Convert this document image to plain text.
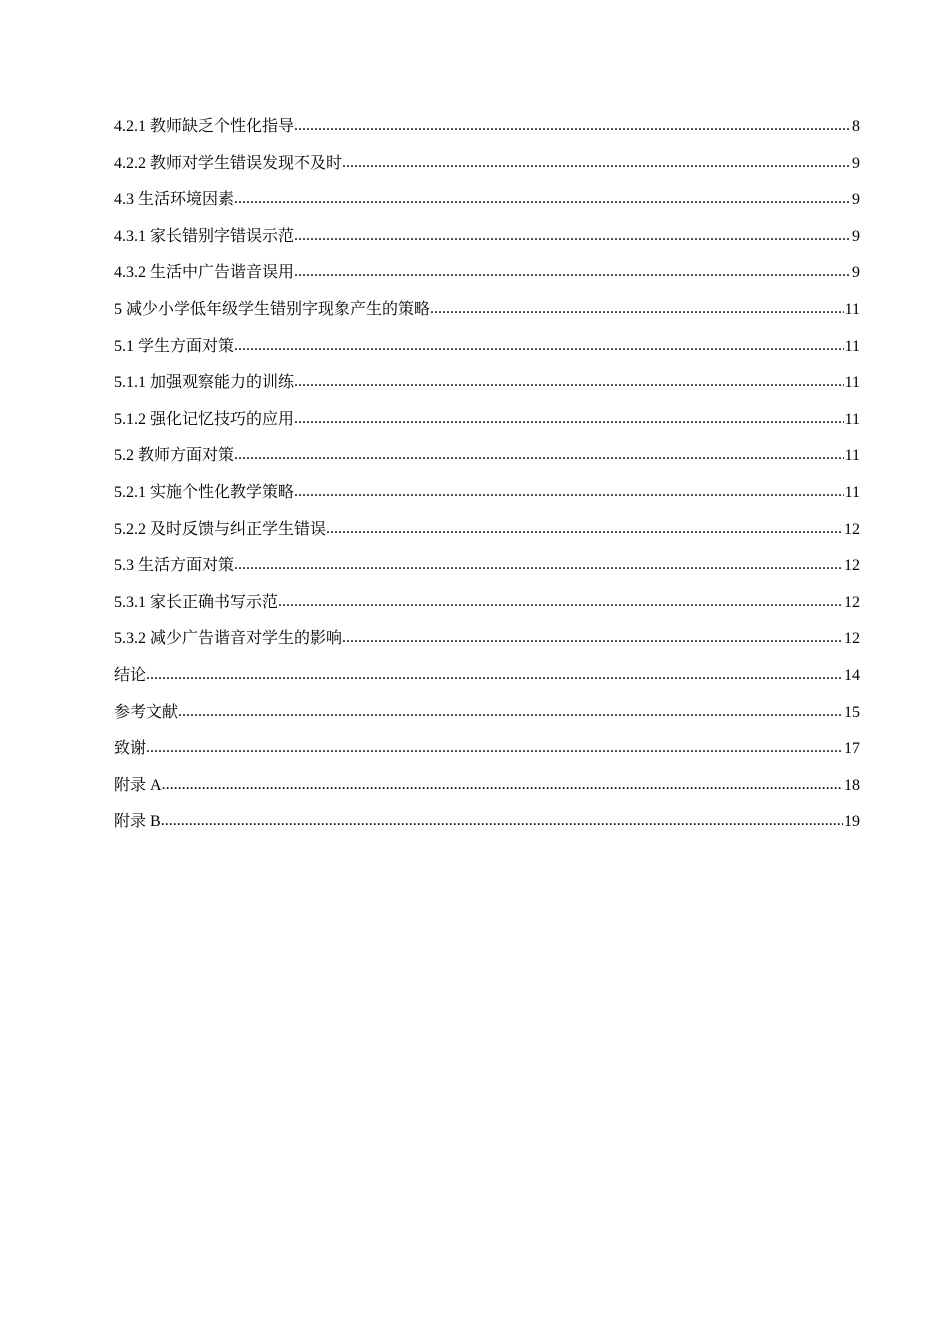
4.2.1 教师缺乏个性化指导 .....	8
4.2.2 教师对学生错误发现不及时 .....	9
4.3 生活环境因素 .....	9
4.3.1 家长错别字错误示范 .....	9
4.3.2 生活中广告谐音误用 .....	9
5 减少小学低年级学生错别字现象产生的策略 .....	11
5.1 学生方面对策 .....	11
5.1.1 加强观察能力的训练 .....	11
5.1.2 强化记忆技巧的应用 .....	11
5.2 教师方面对策 .....	11
5.2.1 实施个性化教学策略 .....	11
5.2.2 及时反馈与纠正学生错误 .....	12
5.3 生活方面对策 .....	12
5.3.1 家长正确书写示范 .....	12
5.3.2 减少广告谐音对学生的影响 .....	12
结论 .....	14
参考文献 .....	15
致谢 .....	17
附录 A .....	18
附录 B .....	19
